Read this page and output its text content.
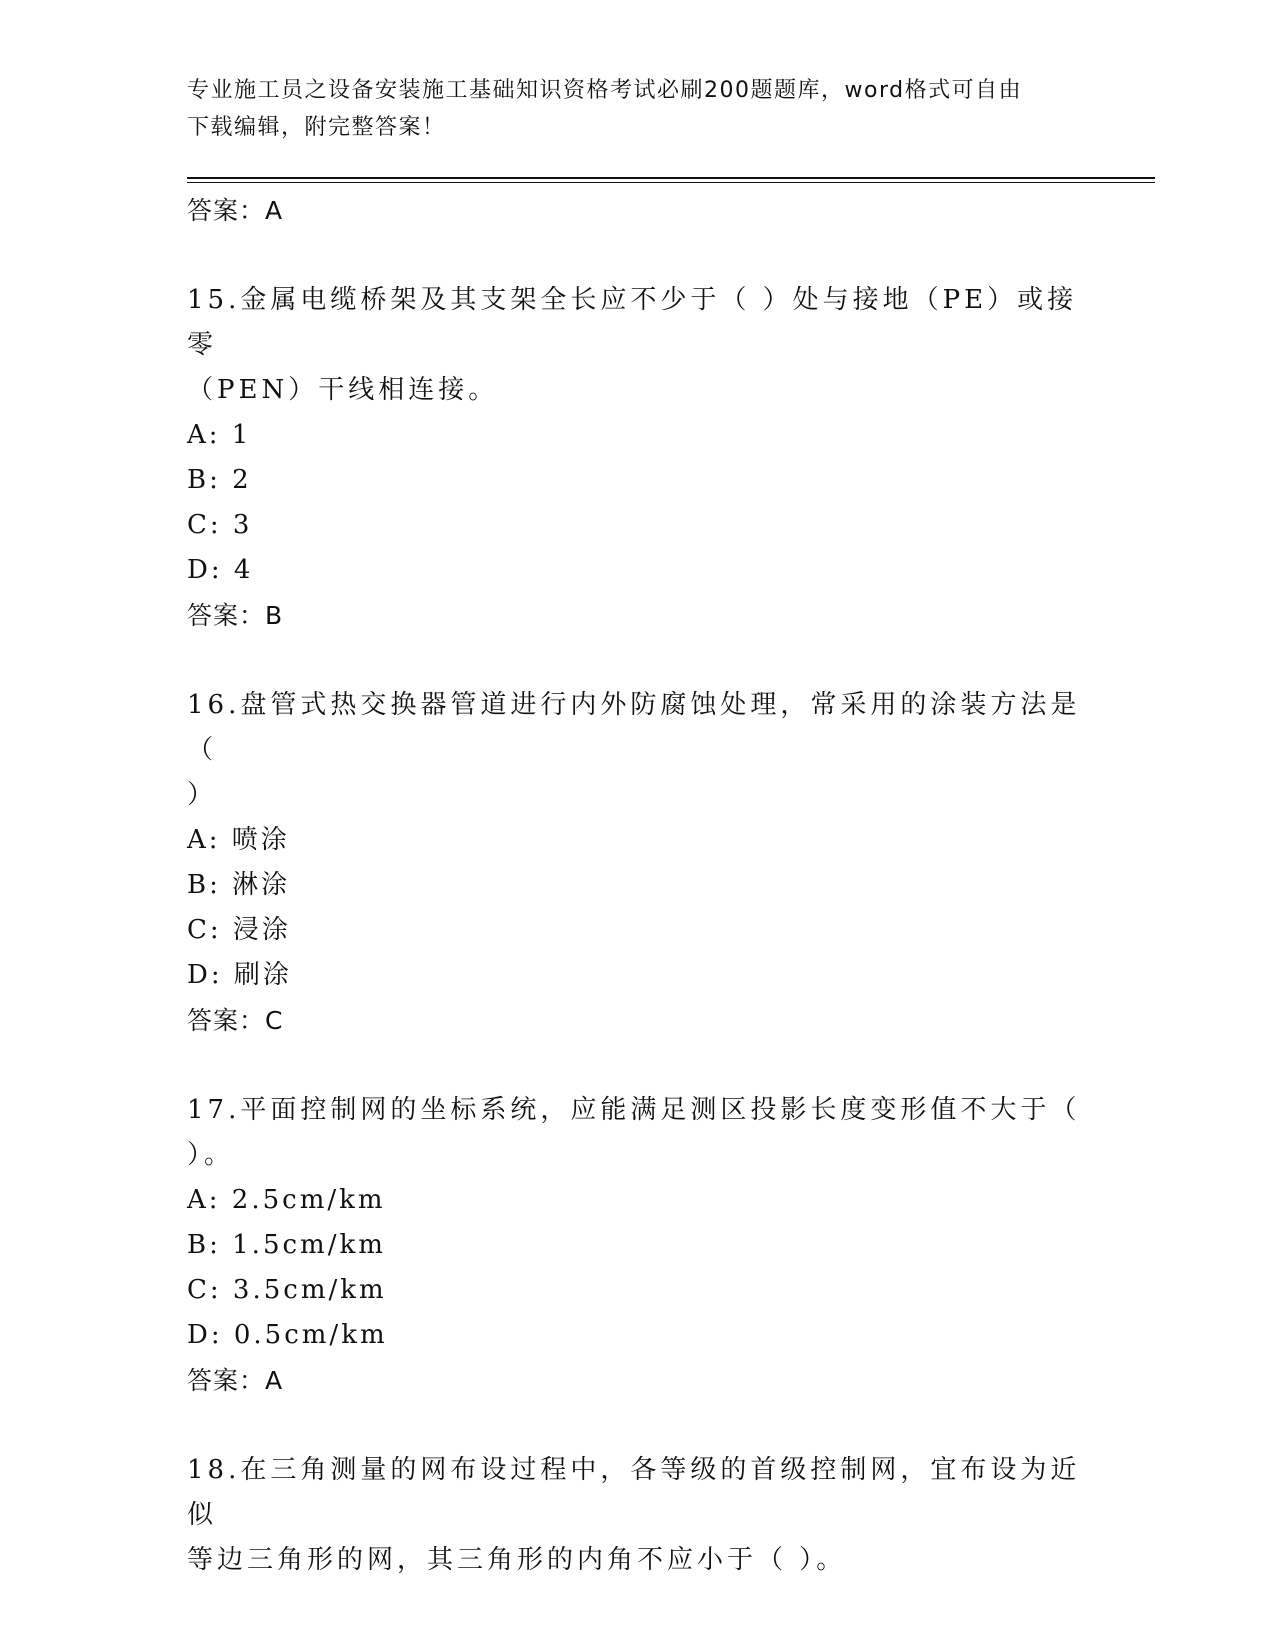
专业施工员之设备安装施工基础知识资格考试必刷200题题库，word格式可自由
下载编辑，附完整答案！
答案：A
15.金属电缆桥架及其支架全长应不少于（ ）处与接地（PE）或接零
（PEN）干线相连接。
A: 1
B: 2
C: 3
D: 4
答案：B
16.盘管式热交换器管道进行内外防腐蚀处理，常采用的涂装方法是（
）
A: 喷涂
B: 淋涂
C: 浸涂
D: 刷涂
答案：C
17.平面控制网的坐标系统，应能满足测区投影长度变形值不大于（
）。
A: 2.5cm/km
B: 1.5cm/km
C: 3.5cm/km
D: 0.5cm/km
答案：A
18.在三角测量的网布设过程中，各等级的首级控制网，宜布设为近似
等边三角形的网，其三角形的内角不应小于（ ）。
